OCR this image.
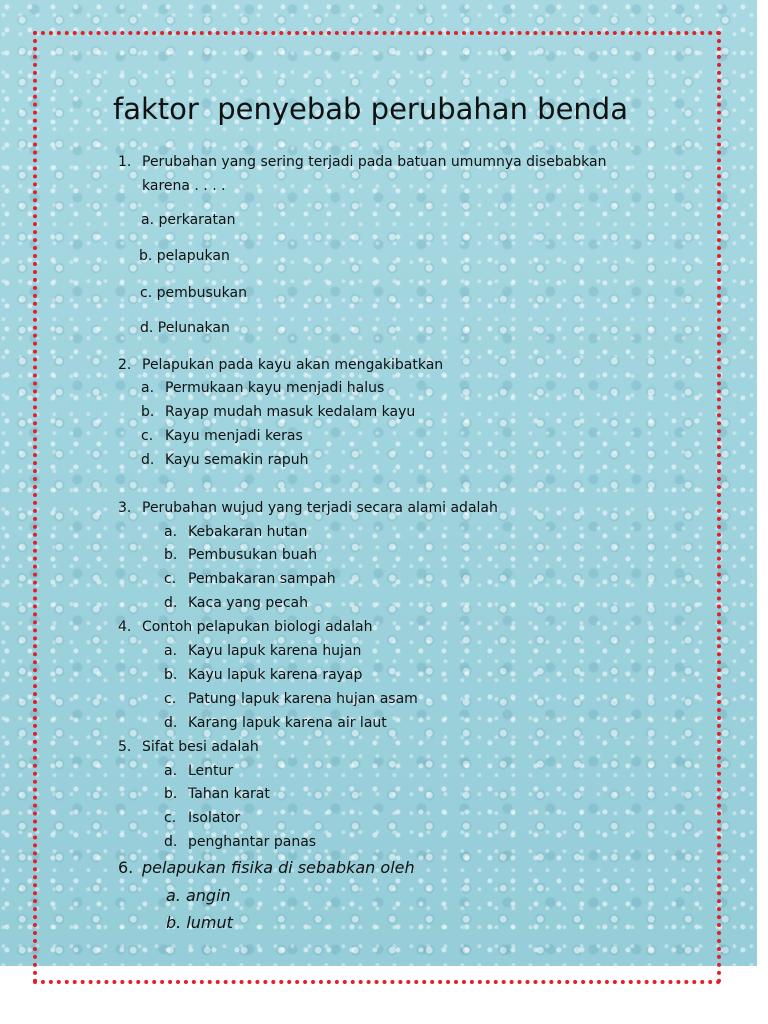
faktor  penyebab perubahan benda
1. Perubahan yang sering terjadi pada batuan umumnya disebabkan
karena . . . .
a. perkaratan
b. pelapukan
c. pembusukan
d. Pelunakan
2. Pelapukan pada kayu akan mengakibatkan
a. Permukaan kayu menjadi halus
b. Rayap mudah masuk kedalam kayu
c. Kayu menjadi keras
d. Kayu semakin rapuh
3. Perubahan wujud yang terjadi secara alami adalah
a. Kebakaran hutan
b. Pembusukan buah
c. Pembakaran sampah
d. Kaca yang pecah
4. Contoh pelapukan biologi adalah
a. Kayu lapuk karena hujan
b. Kayu lapuk karena rayap
c. Patung lapuk karena hujan asam
d. Karang lapuk karena air laut
5. Sifat besi adalah
a. Lentur
b. Tahan karat
c. Isolator
d. penghantar panas
6. pelapukan fisika di sebabkan oleh
a. angin
b. lumut
